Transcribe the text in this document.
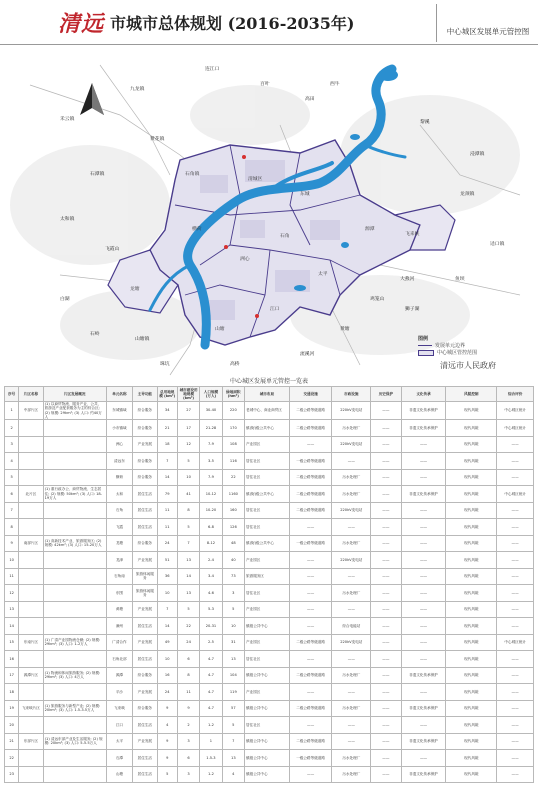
清远 市城市总体规划 (2016-2035年)	中心城区发展单元管控图
石角镇
清城区
横荷
东城
源潭
飞来峡
太平
江口
山塘
龙塘
洲心
石角
九龙镇
连江口
禾云镇
黄花镇
高田
黎溪
浸潭镇
龙颈镇
石潭镇
太和镇
飞霞山
山塘镇
鱼坝
迳口镇
鸡笼山
流溪河
黄塘
大燕河
白湖
石岭
高桥
珠坑
百叶	西牛
狮子湖
图例
发展单元边界
中心城区管控范围
清远市人民政府
中心城区发展单元管控一览表
序号	片区名称	片区发展概况	单元名称	主导功能	总用地规模 (km²)	城市建设用地规模 (km²)	人口规模 (万人)	绿地面积 (hm²)	城市布局	交通设施	市政设施	历史保护	文化传承	风貌控制	综合评价
1	中部片区	(1) 以商贸物流、服务产业、公共、旅游及产业配套服务为主的综合区; (2) 规模: 29km²; (3) 人口: 约40万人	东城镇域	综合服务	34	27	30-40	220	老城中心、商业商贸区	二级公路等级道路	220kV变电站	——	非遗文化传承保护	现代风貌	中心城区统计
2			小市镇域	综合服务	21	17	21-28	170	镇(街)级公共中心	二级公路等级道路	污水处理厂	——	非遗文化传承保护	现代风貌	中心城区统计
3			洲心	产业发展	18	12	7-9	108	产业园区	——	220kV变电站	——	——	现代风貌	——
4			清远东	综合服务	7	5	3-5	116	居住社区	一级公路等级道路	——	——	——	现代风貌	——
5			横荷	综合服务	14	10	7-9	22	居住社区	二级公路等级道路	污水处理厂	——	——	现代风貌	——
6	北片区	(1) 重行政办公、商贸物流、生态居住; (2) 规模: 50km²; (3) 人口: 18-19万人	太和	居住生活	79	41	10-12	1160	镇(街)级公共中心	二级公路等级道路	污水处理厂	——	非遗文化传承保护	现代风貌	中心城区统计
7			石角	居住生活	11	8	10-20	160	居住社区	二级公路等级道路	220kV变电站	——	——	现代风貌	——
8			飞霞	居住生活	11	5	6-8	126	居住社区	——	——	——	——	现代风貌	——
9	南部片区	(1) 高新技术产业、旅游服务区; (2) 规模: 42km²; (3) 人口: 15-20万人	龙塘	综合服务	24	7	8-12	48	镇(街)级公共中心	一级公路等级道路	污水处理厂	——	——	现代风貌	——
10			龙津	产业发展	51	13	2-4	40	产业园区	——	220kV变电站	——	——	现代风貌	——
11			石角南	旅游休闲服务	36	14	3-4	73	旅游服务区	——	——	——	——	现代风貌	——
12			东围	旅游休闲服务	10	13	4-6	3	居住社区	——	污水处理厂	——	——	现代风貌	——
13			黄塘	产业发展	7	5	5-3	5	产业园区	——	——	——	——	现代风貌	——
14			满州	居住生活	14	22	20-31	10	镇级公共中心	——	综合电能站	——	——	现代风貌	——
15	东南片区	(1) 广清产业园物流仓储; (2) 规模: 29km²; (3) 人口: 1-2万人	广清合作	产业发展	49	24	2-5	31	产业园区	二级公路等级道路	220kV变电站	——	——	现代风貌	中心城区统计
16			石角北部	居住生活	10	6	4-7	13	居住社区	——	——	——	——	现代风貌	——
17	源潭片区	(1) 物流和休闲旅游服务; (2) 规模: 29km²; (3) 人口: 4万人	源潭	综合服务	16	8	4-7	104	镇级公共中心	二级公路等级道路	污水处理厂	——	非遗文化传承保护	现代风貌	——
18			平沙	产业发展	24	11	4-7	119	产业园区	——	——	——	——	现代风貌	——
19	飞来峡片区	(1) 旅游服务与新型产业; (2) 规模: 20km²; (3) 人口: 1.5-3.5万人	飞来峡	综合服务	9	9	4-7	57	镇级公共中心	二级公路等级道路	污水处理厂	——	非遗文化传承保护	现代风貌	——
20			江口	居住生活	4	2	1-2	5	居住社区	——	——	——	——	现代风貌	——
21	东部片区	(1) 清远东部产业及生活服务; (2) 规模: 20km²; (3) 人口: 5-5.5万人	太平	产业发展	9	3	1	7	镇级公共中心	二级公路等级道路	——	——	非遗文化传承保护	现代风貌	——
22			石潭	居住生活	9	6	1.5-3	13	镇级公共中心	一级公路等级道路	污水处理厂	——	——	现代风貌	——
23			山塘	居住生活	5	3	1-2	4	镇级公共中心	——	污水处理厂	——	非遗文化传承保护	现代风貌	——
